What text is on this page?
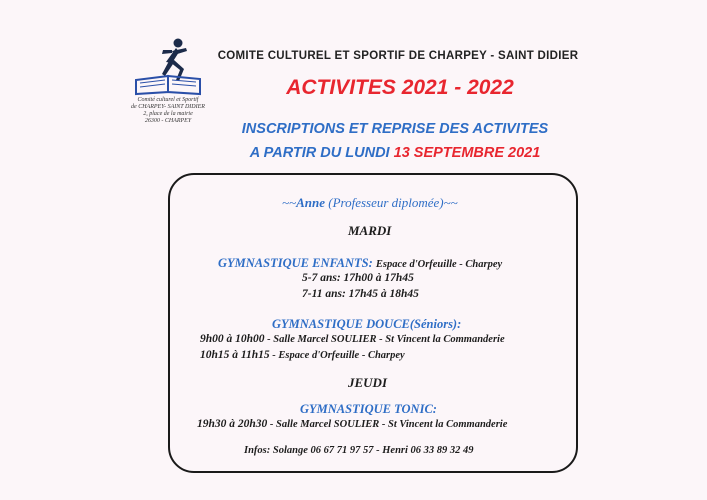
Comité culturel et Sportif
de CHARPEY- SAINT DIDIER
2, place de la mairie
26300 - CHARPEY
COMITE CULTUREL ET SPORTIF DE CHARPEY - SAINT DIDIER
ACTIVITES 2021 - 2022
INSCRIPTIONS ET REPRISE DES ACTIVITES
A PARTIR DU LUNDI 13 SEPTEMBRE 2021
~~Anne (Professeur diplomée)~~
MARDI
GYMNASTIQUE ENFANTS: Espace d'Orfeuille - Charpey
5-7 ans: 17h00 à 17h45
7-11 ans: 17h45 à 18h45
GYMNASTIQUE DOUCE(Séniors):
9h00 à 10h00 - Salle Marcel SOULIER - St Vincent la Commanderie
10h15 à 11h15 - Espace d'Orfeuille - Charpey
JEUDI
GYMNASTIQUE TONIC:
19h30 à 20h30 - Salle Marcel SOULIER - St Vincent la Commanderie
Infos: Solange 06 67 71 97 57 - Henri 06 33 89 32 49
